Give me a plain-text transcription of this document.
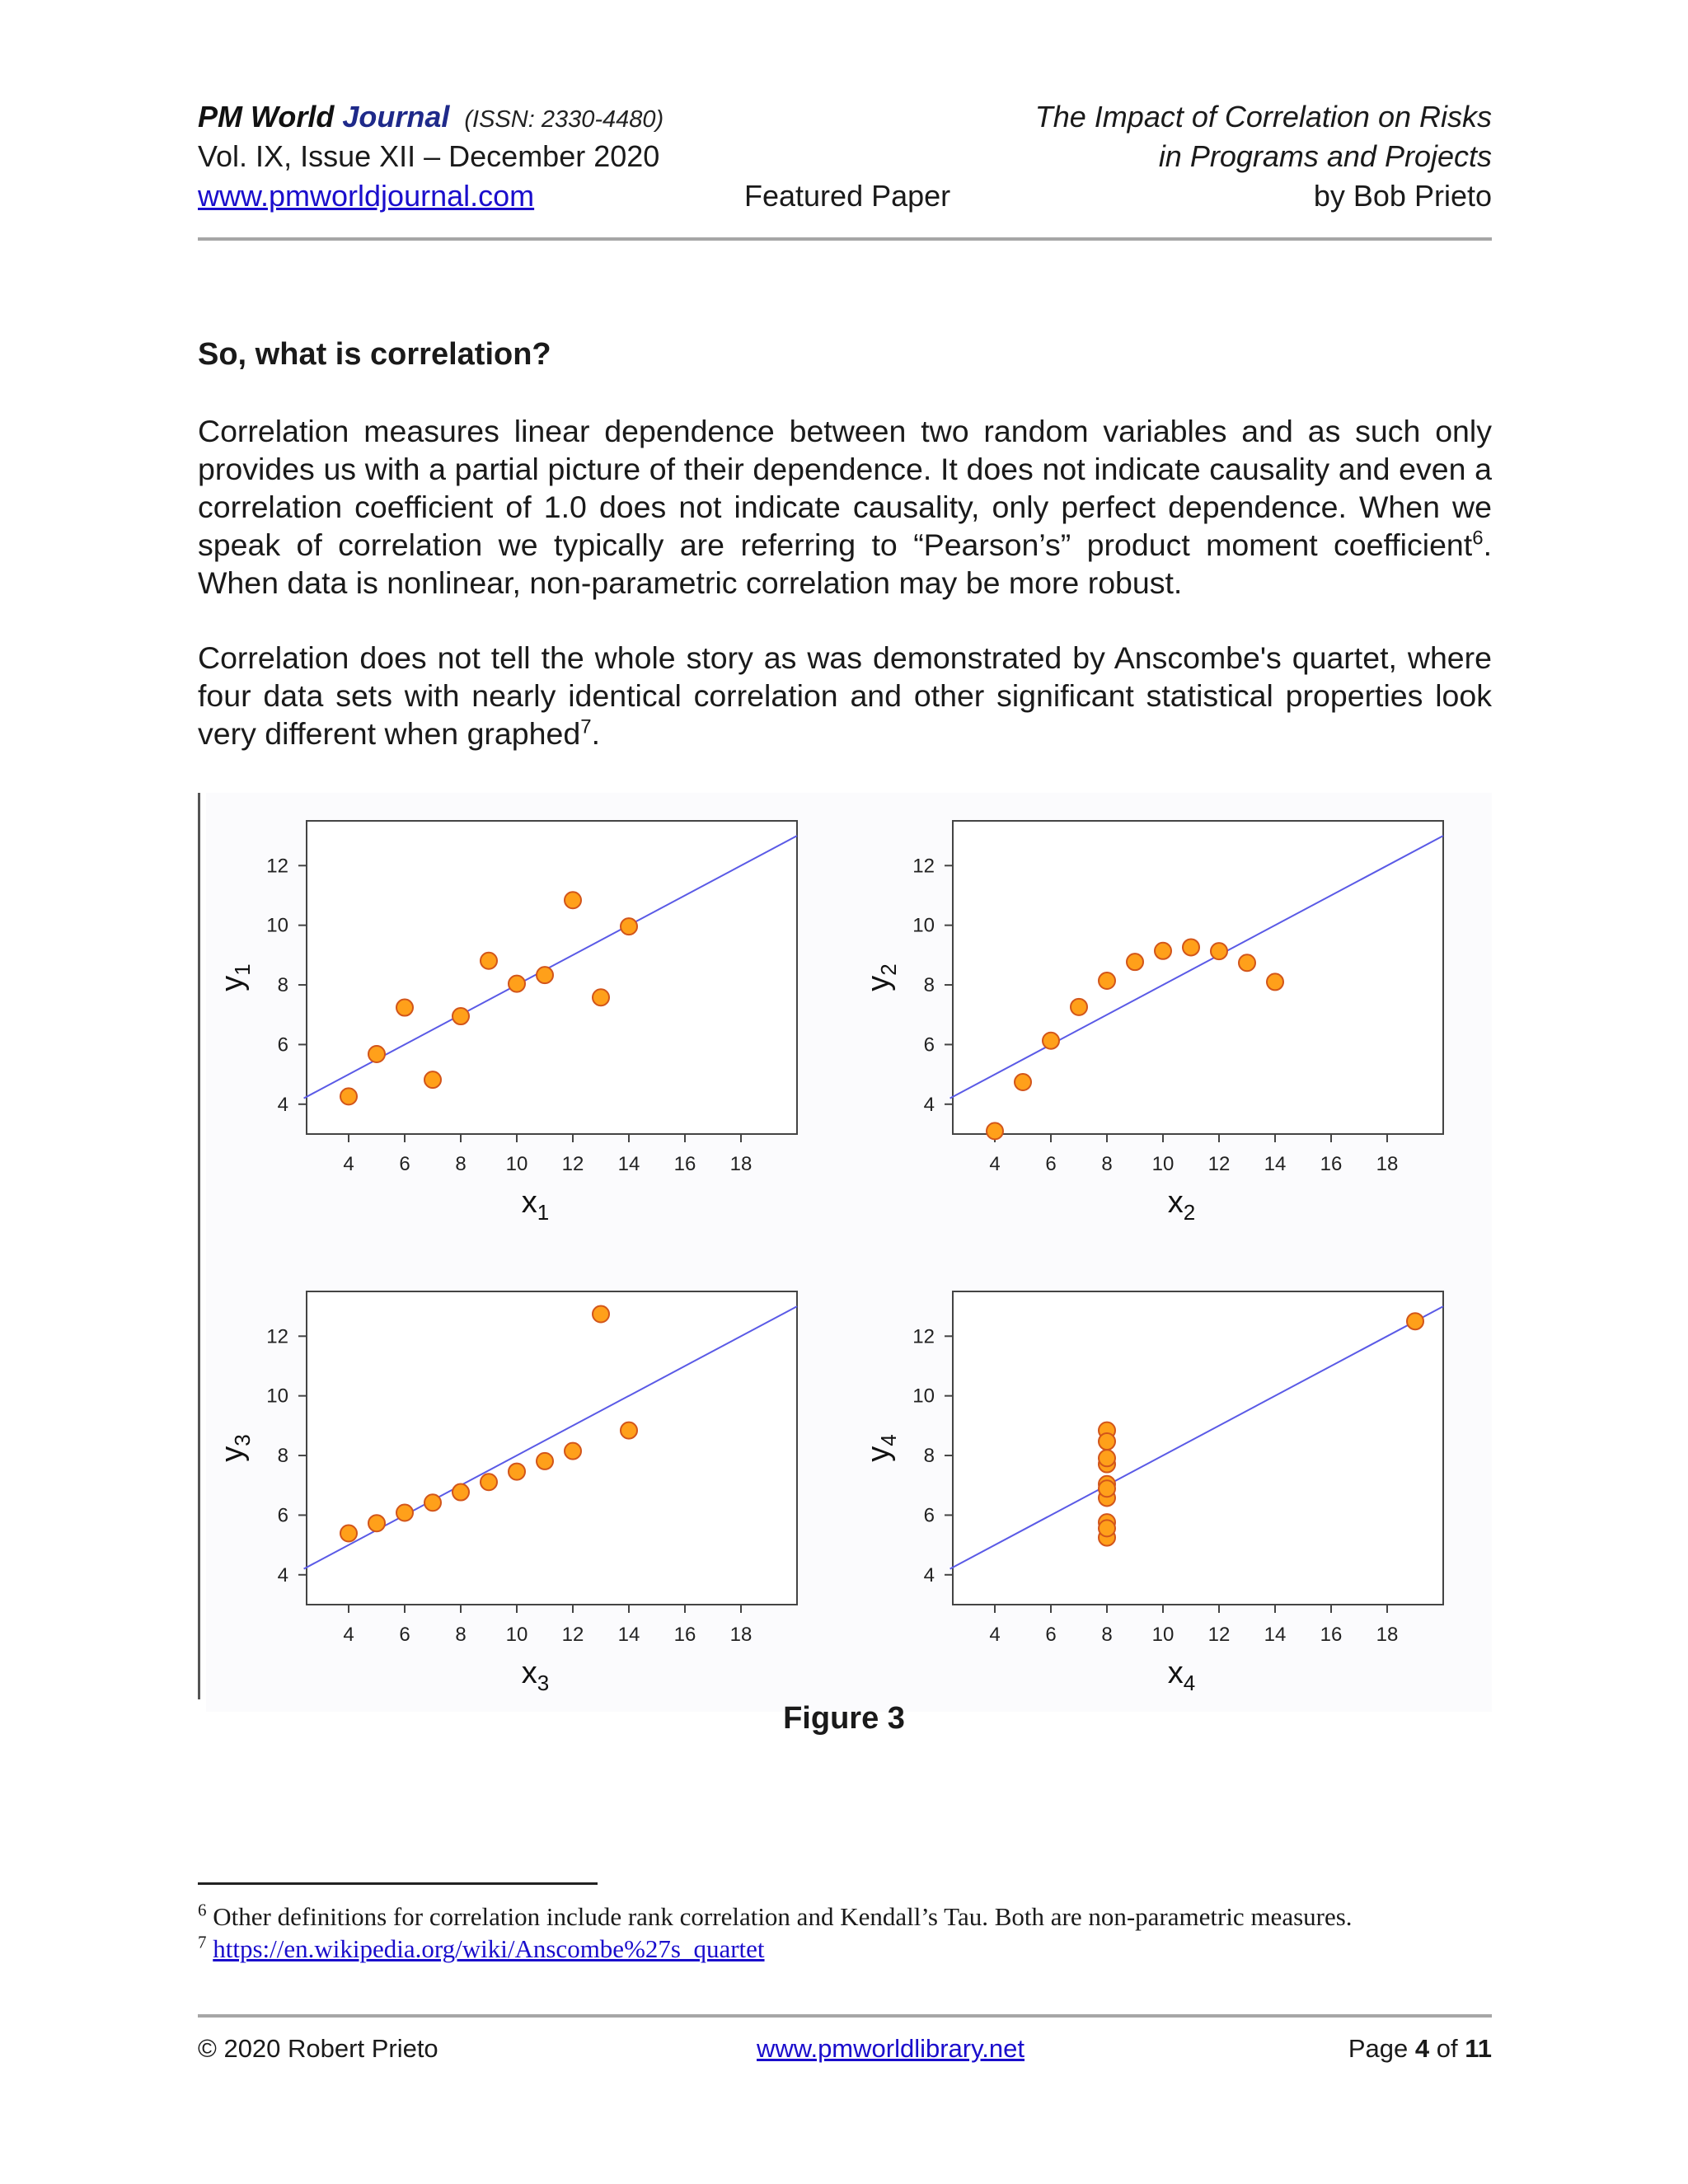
PM World Journal (ISSN: 2330-4480)
Vol. IX, Issue XII – December 2020
www.pmworldjournal.com	Featured Paper
The Impact of Correlation on Risks
in Programs and Projects
by Bob Prieto
So, what is correlation?

Correlation measures linear dependence between two random variables and as such only provides us with a partial picture of their dependence. It does not indicate causality and even a correlation coefficient of 1.0 does not indicate causality, only perfect dependence. When we speak of correlation we typically are referring to “Pearson’s” product moment coefficient$^6$. When data is nonlinear, non-parametric correlation may be more robust.

Correlation does not tell the whole story as was demonstrated by Anscombe's quartet, where four data sets with nearly identical correlation and other significant statistical properties look very different when graphed$^7$.

4 6 8 10 12 14 16 18
4
6
8
10
12
$x_1$
$y_1$
4 6 8 10 12 14 16 18
4
6
8
10
12
$x_2$
$y_2$
4 6 8 10 12 14 16 18
4
6
8
10
12
$x_3$
$y_3$
4 6 8 10 12 14 16 18
4
6
8
10
12
$x_4$
$y_4$
Figure 3
$^6$ Other definitions for correlation include rank correlation and Kendall’s Tau. Both are non-parametric measures.
$^7$ https://en.wikipedia.org/wiki/Anscombe%27s_quartet
© 2020 Robert Prieto	www.pmworldlibrary.net	Page 4 of 11
